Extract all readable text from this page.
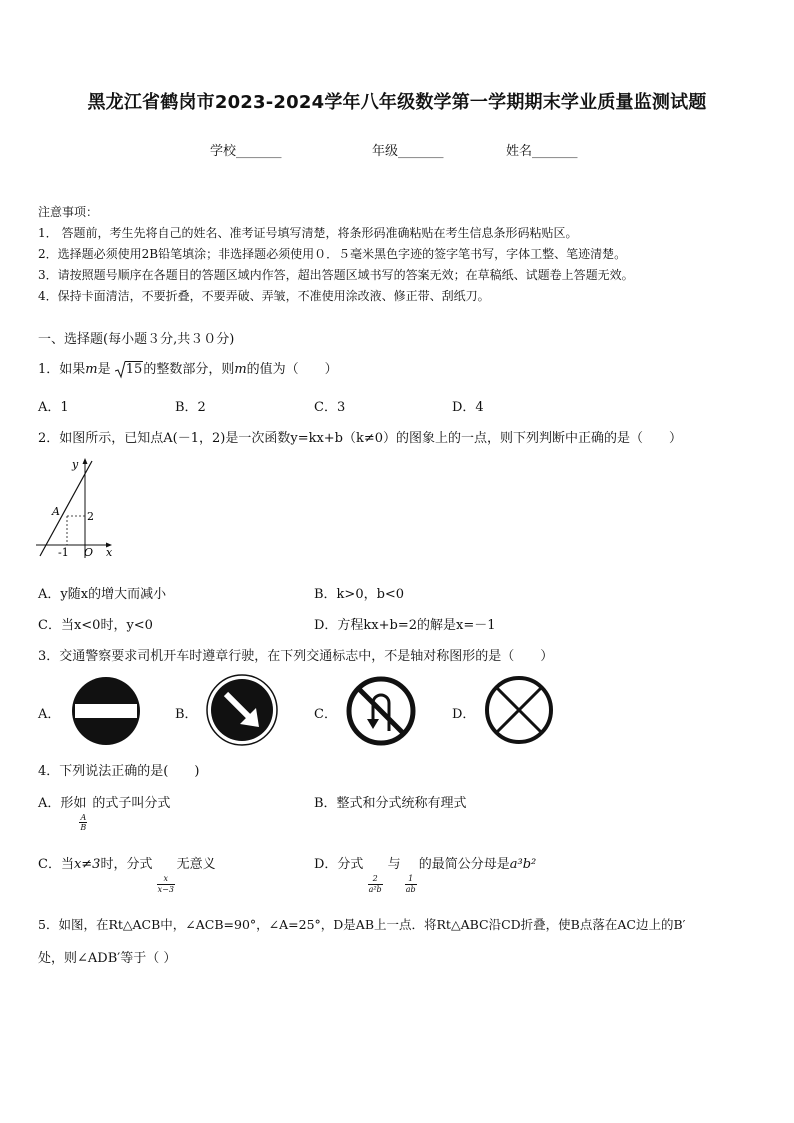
黑龙江省鹤岗市2023-2024学年八年级数学第一学期期末学业质量监测试题
学校_______	年级_______	姓名_______
注意事项：
1． 答题前，考生先将自己的姓名、准考证号填写清楚，将条形码准确粘贴在考生信息条形码粘贴区。
2．选择题必须使用2B铅笔填涂；非选择题必须使用０．５毫米黑色字迹的签字笔书写，字体工整、笔迹清楚。
3．请按照题号顺序在各题目的答题区域内作答，超出答题区域书写的答案无效；在草稿纸、试题卷上答题无效。
4．保持卡面清洁，不要折叠，不要弄破、弄皱，不准使用涂改液、修正带、刮纸刀。
一、选择题(每小题３分,共３０分)
1．如果m是 15的整数部分，则m的值为（　　）
A．1	B．2	C．3	D．4
2．如图所示，已知点A(－1，2)是一次函数y=kx+b（k≠0）的图象上的一点，则下列判断中正确的是（　　）
y
A 2
-1 O x
A．y随x的增大而减小	B．k>0，b<0
C．当x<0时，y<0	D．方程kx+b=2的解是x=－1
3．交通警察要求司机开车时遵章行驶，在下列交通标志中，不是轴对称图形的是（　　）
A．	B．	C．	D．
4．下列说法正确的是(　　)
A．形如
$\frac{A}{B}$
的式子叫分式	B．整式和分式统称有理式
C．当x≠3时，分式
$\frac{x}{x-3}$
无意义	D．分式
2
a²b
与
1
ab
的最简公分母是a³b²
5．如图，在Rt△ACB中，∠ACB=90°，∠A=25°，D是AB上一点．将Rt△ABC沿CD折叠，使B点落在AC边上的B′
处，则∠ADB′等于（ ）
